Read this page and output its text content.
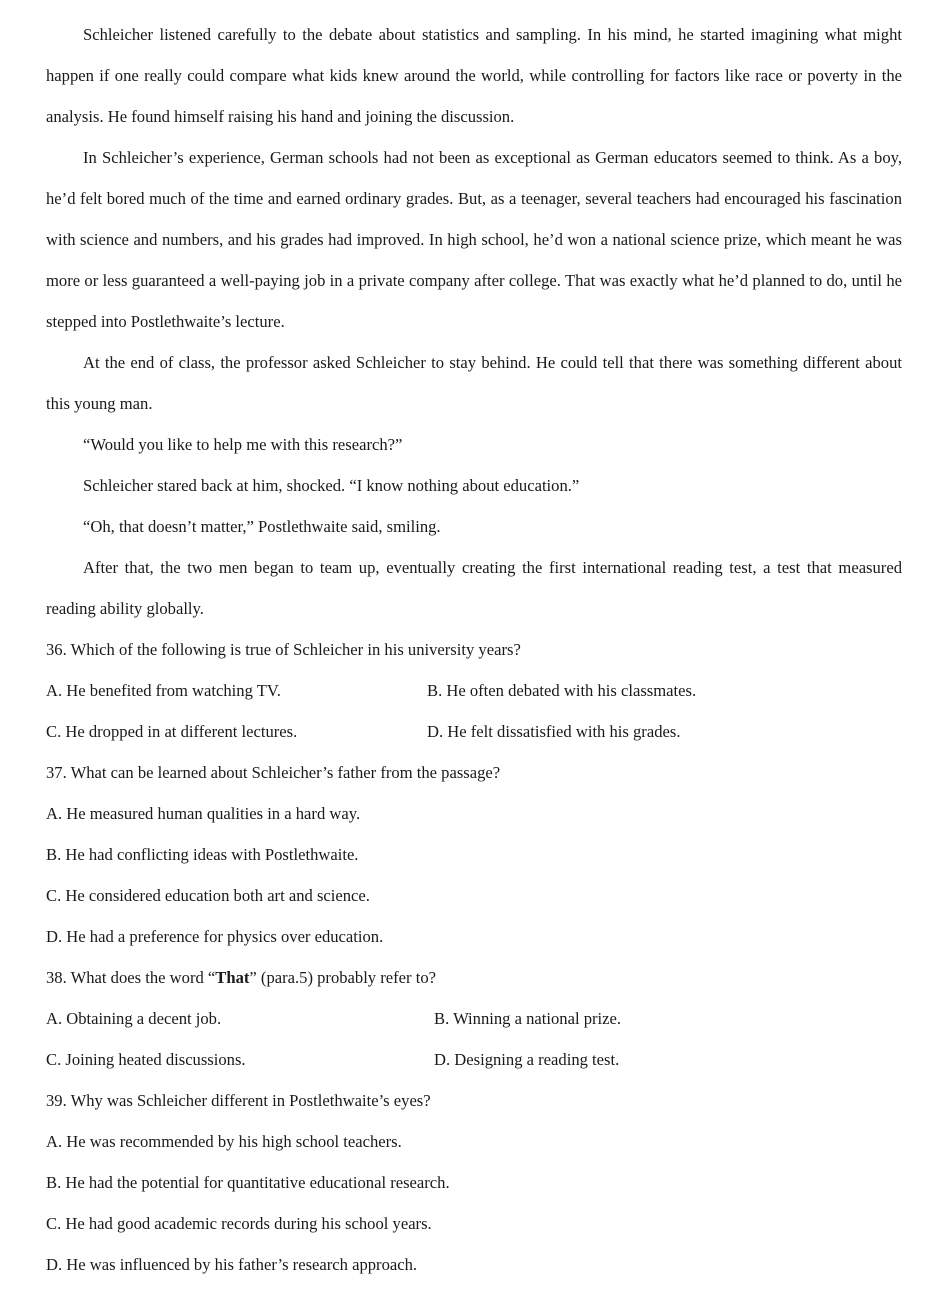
Schleicher listened carefully to the debate about statistics and sampling. In his mind, he started imagining what might happen if one really could compare what kids knew around the world, while controlling for factors like race or poverty in the analysis. He found himself raising his hand and joining the discussion.

In Schleicher’s experience, German schools had not been as exceptional as German educators seemed to think. As a boy, he’d felt bored much of the time and earned ordinary grades. But, as a teenager, several teachers had encouraged his fascination with science and numbers, and his grades had improved. In high school, he’d won a national science prize, which meant he was more or less guaranteed a well-paying job in a private company after college. That was exactly what he’d planned to do, until he stepped into Postlethwaite’s lecture.

At the end of class, the professor asked Schleicher to stay behind. He could tell that there was something different about this young man.

“Would you like to help me with this research?”

Schleicher stared back at him, shocked. “I know nothing about education.”

“Oh, that doesn’t matter,” Postlethwaite said, smiling.

After that, the two men began to team up, eventually creating the first international reading test, a test that measured reading ability globally.

36. Which of the following is true of Schleicher in his university years?

A. He benefited from watching TV.	B. He often debated with his classmates.
C. He dropped in at different lectures.	D. He felt dissatisfied with his grades.

37. What can be learned about Schleicher’s father from the passage?

A. He measured human qualities in a hard way.

B. He had conflicting ideas with Postlethwaite.

C. He considered education both art and science.

D. He had a preference for physics over education.

38. What does the word “That” (para.5) probably refer to?

A. Obtaining a decent job.	B. Winning a national prize.
C. Joining heated discussions.	D. Designing a reading test.

39. Why was Schleicher different in Postlethwaite’s eyes?

A. He was recommended by his high school teachers.

B. He had the potential for quantitative educational research.

C. He had good academic records during his school years.

D. He was influenced by his father’s research approach.
